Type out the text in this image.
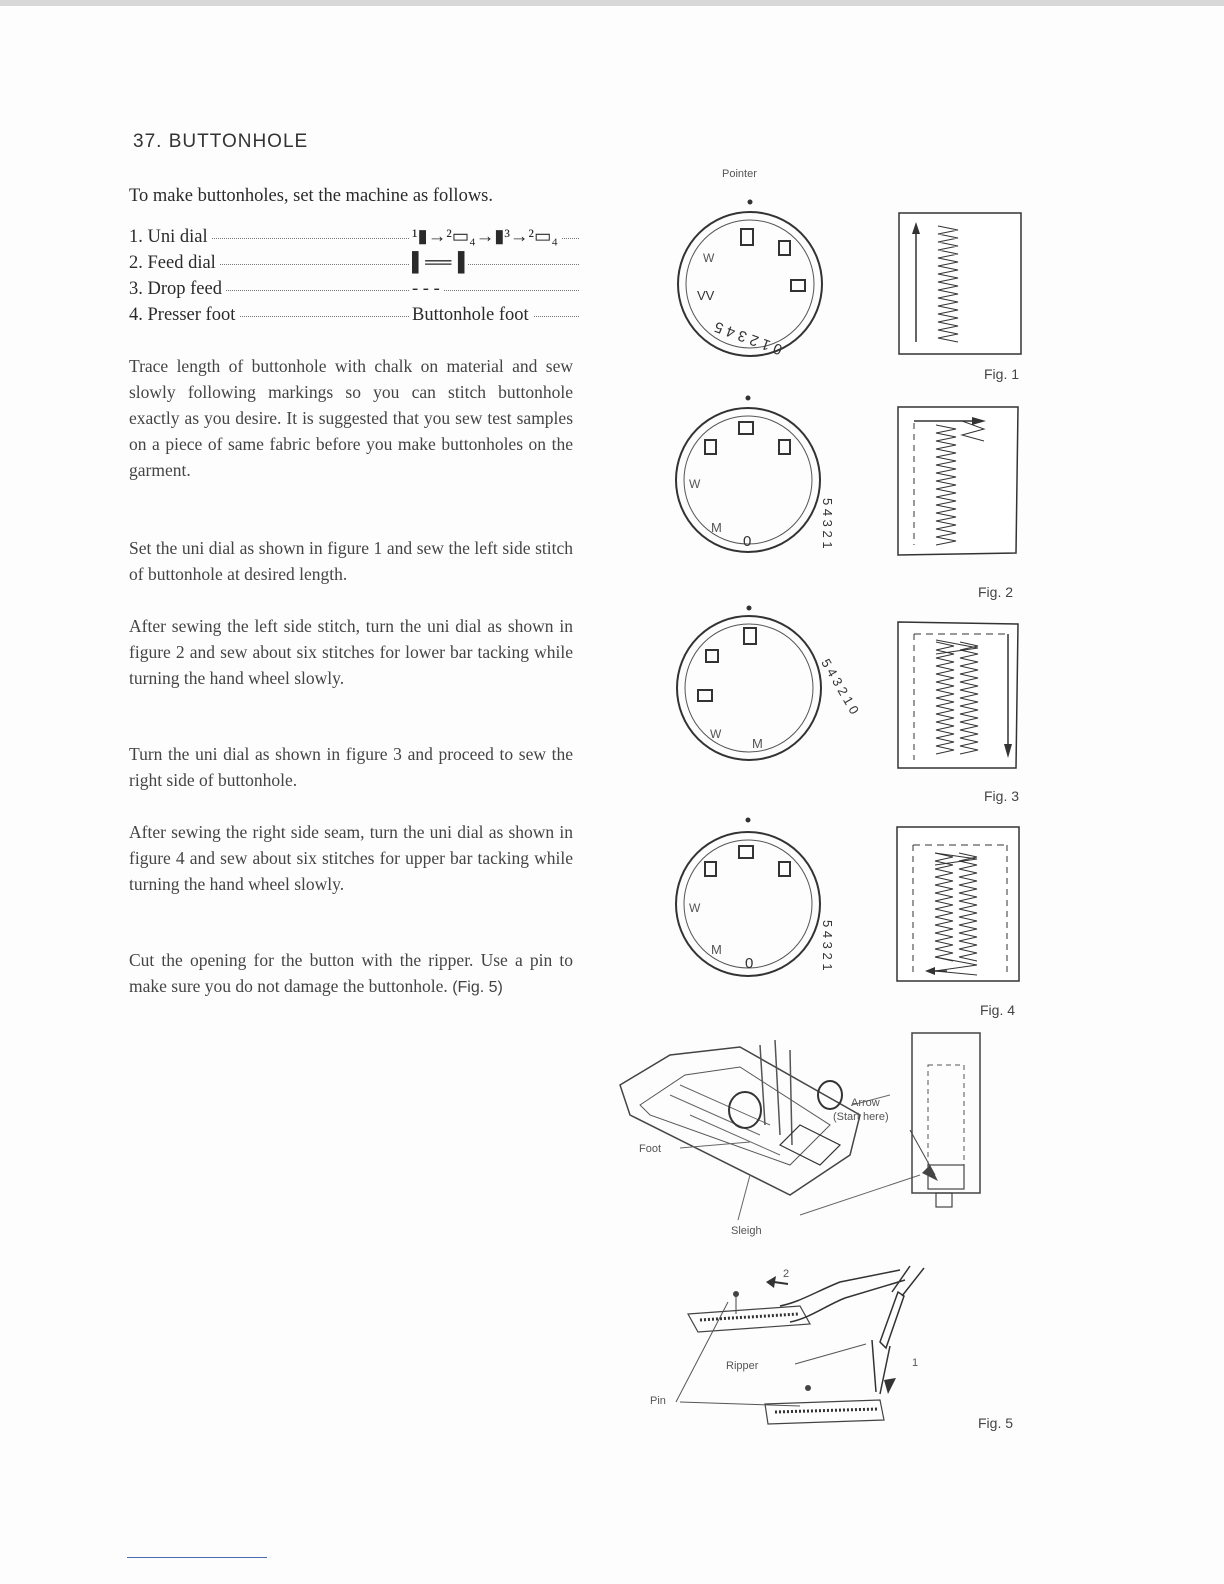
37. BUTTONHOLE
To make buttonholes, set the machine as follows.
1. Uni dial	¹▮→²▭₄→▮³→²▭₄
2. Feed dial	▌══▐
3. Drop feed	- - -
4. Presser foot	Buttonhole foot
Trace length of buttonhole with chalk on material and sew slowly following markings so you can stitch buttonhole exactly as you desire. It is suggested that you sew test samples on a piece of same fabric before you make buttonholes on the garment.
Set the uni dial as shown in figure 1 and sew the left side stitch of buttonhole at desired length.
After sewing the left side stitch, turn the uni dial as shown in figure 2 and sew about six stitches for lower bar tacking while turning the hand wheel slowly.
Turn the uni dial as shown in figure 3 and proceed to sew the right side of buttonhole.
After sewing the right side seam, turn the uni dial as shown in figure 4 and sew about six stitches for upper bar tacking while turning the hand wheel slowly.
Cut the opening for the button with the ripper. Use a pin to make sure you do not damage the buttonhole. (Fig. 5)
Pointer
VV
W
0 1 2 3 4 5
Fig. 1
W
5 4 3 2 1
0
M
Fig. 2
5 4 3 2 1 0
W
M
Fig. 3
W
5 4 3 2 1
0
M
Fig. 4
Arrow
(Start here)
Foot
Sleigh
2
1
Ripper
Pin
Fig. 5
